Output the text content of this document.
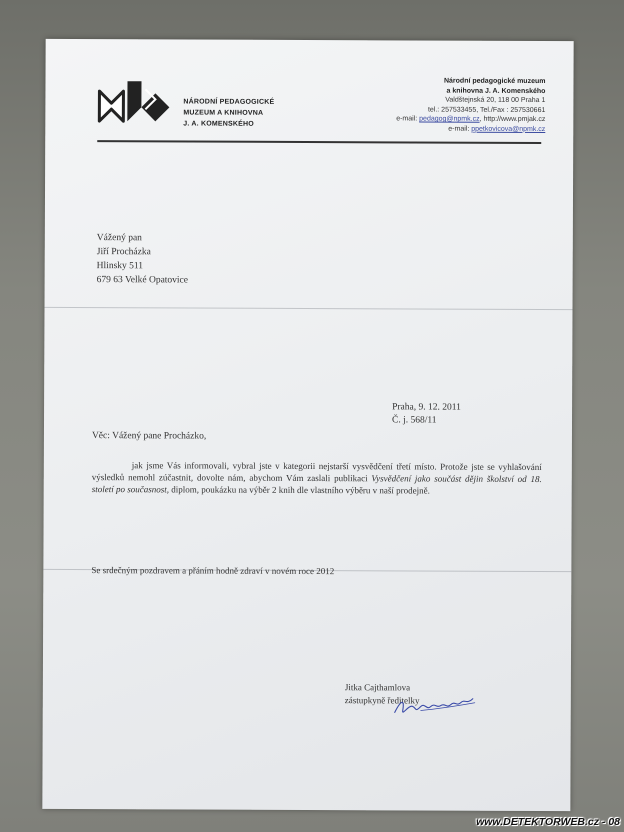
NÁRODNÍ PEDAGOGICKÉ
MUZEUM A KNIHOVNA
J. A. KOMENSKÉHO
Národní pedagogické muzeum
a knihovna J. A. Komenského
Valdštejnská 20, 118 00 Praha 1
tel.: 257533455, Tel./Fax : 257530661
e-mail: pedagog@npmk.cz, http://www.pmjak.cz
e-mail: ppetkovicova@npmk.cz
Vážený pan
Jiří Procházka
Hlinsky 511
679 63 Velké Opatovice
Praha, 9. 12. 2011
Č. j. 568/11
Věc: Vážený pane Procházko,
jak jsme Vás informovali, vybral jste v kategorii nejstarší vysvědčení třetí místo. Protože jste se vyhlašování výsledků nemohl zúčastnit, dovolte nám, abychom Vám zaslali publikaci Vysvědčení jako součást dějin školství od 18. století po současnost, diplom, poukázku na výběr 2 knih dle vlastního výběru v naší prodejně.
Se srdečným pozdravem a přáním hodně zdraví v novém roce 2012
Jitka Cajthamlova
zástupkyně ředitelky
www.DETEKTORWEB.cz - 08
